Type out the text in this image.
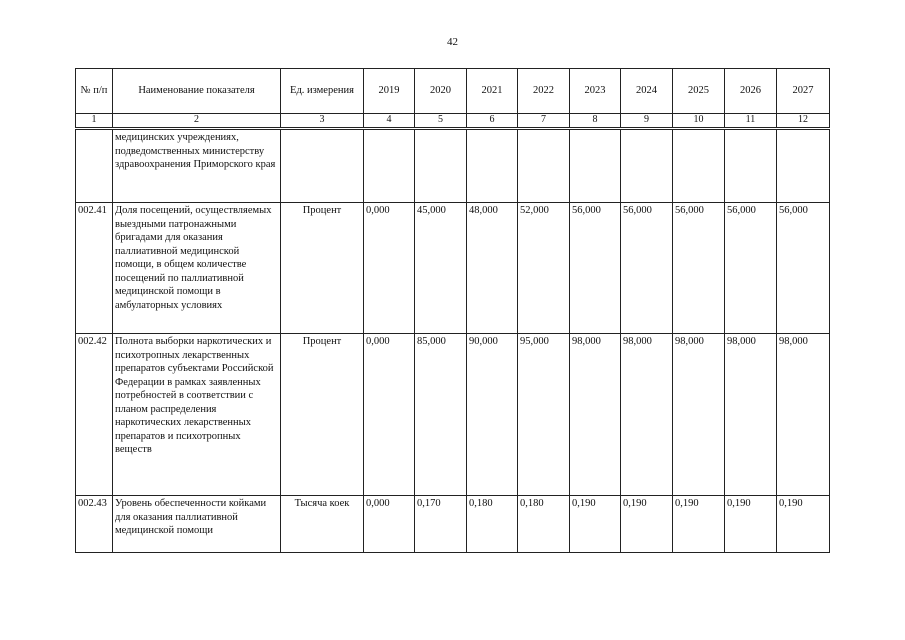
42
№ п/п	Наименование показателя	Ед. измерения	2019	2020	2021	2022	2023	2024	2025	2026	2027
1	2	3	4	5	6	7	8	9	10	11	12
	медицинских учреждениях, подведомственных министерству здравоохранения Приморского края										
002.41	Доля посещений, осуществляемых выездными патронажными бригадами для оказания паллиативной медицинской помощи, в общем количестве посещений по паллиативной медицинской помощи в амбулаторных условиях	Процент	0,000	45,000	48,000	52,000	56,000	56,000	56,000	56,000	56,000
002.42	Полнота выборки наркотических и психотропных лекарственных препаратов субъектами Российской Федерации в рамках заявленных потребностей в соответствии с планом распределения наркотических лекарственных препаратов и психотропных веществ	Процент	0,000	85,000	90,000	95,000	98,000	98,000	98,000	98,000	98,000
002.43	Уровень обеспеченности койками для оказания паллиативной медицинской помощи	Тысяча коек	0,000	0,170	0,180	0,180	0,190	0,190	0,190	0,190	0,190
